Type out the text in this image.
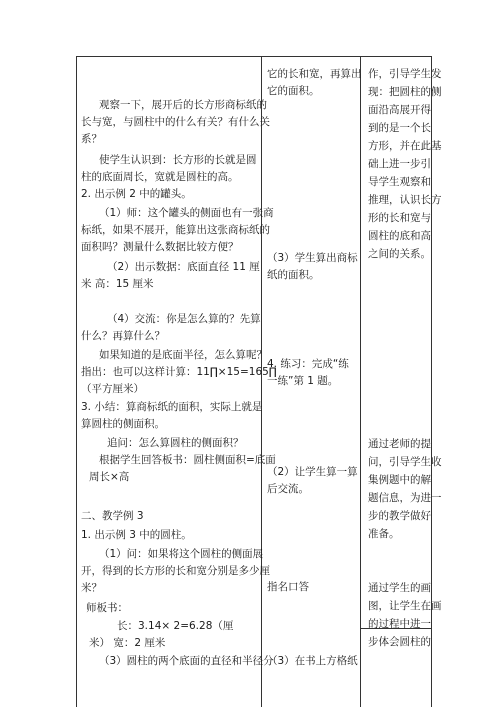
观察一下，展开后的长方形商标纸的
长与宽，与圆柱中的什么有关？有什么关
系？
使学生认识到：长方形的长就是圆
柱的底面周长，宽就是圆柱的高。
2. 出示例 2 中的罐头。
（1）师：这个罐头的侧面也有一张商
标纸，如果不展开，能算出这张商标纸的
面积吗？测量什么数据比较方便？
（2）出示数据：底面直径 11 厘
米 高：15 厘米
（4）交流：你是怎么算的？先算
什么？再算什么？
如果知道的是底面半径，怎么算呢？
指出：也可以这样计算：11∏×15=165∏
（平方厘米）
3. 小结：算商标纸的面积，实际上就是
算圆柱的侧面积。
追问：怎么算圆柱的侧面积？
根据学生回答板书：圆柱侧面积=底面
周长×高
二、教学例 3
1. 出示例 3 中的圆柱。
（1）问：如果将这个圆柱的侧面展
开，得到的长方形的长和宽分别是多少厘
米？
师板书：
长：3.14× 2=6.28（厘
米） 宽：2 厘米
（3）圆柱的两个底面的直径和半径分
它的长和宽，再算出
它的面积。
（3）学生算出商标
纸的面积。
4. 练习：完成“练
一练”第 1 题。
（2）让学生算一算
后交流。
指名口答
（3）在书上方格纸
作，引导学生发
现：把圆柱的侧
面沿高展开得
到的是一个长
方形，并在此基
础上进一步引
导学生观察和
推理，认识长方
形的长和宽与
圆柱的底和高
之间的关系。
通过老师的提
问，引导学生收
集例题中的解
题信息，为进一
步的教学做好
准备。
通过学生的画
图，让学生在画
的过程中进一
步体会圆柱的
